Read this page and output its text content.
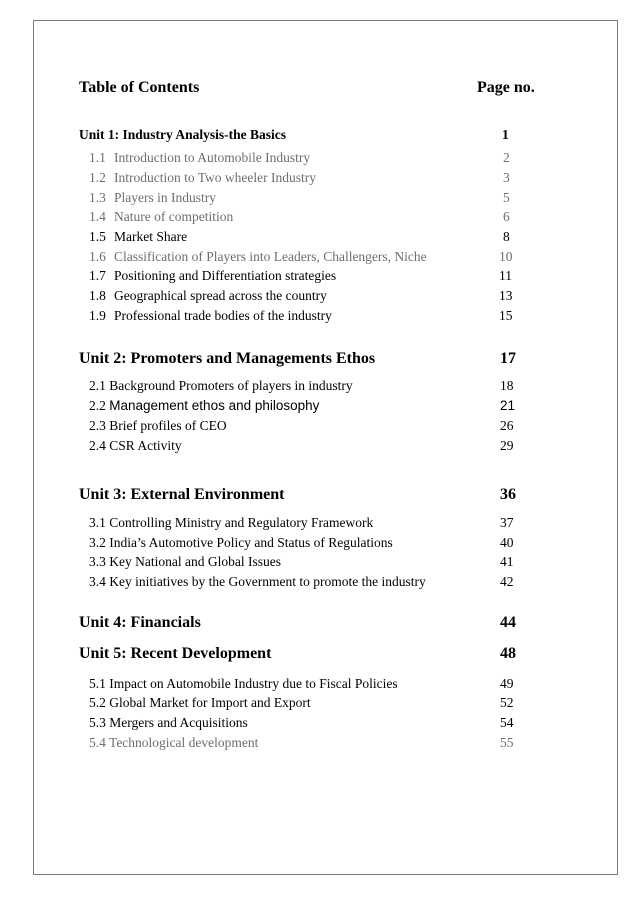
Table of Contents	Page no.
Unit 1: Industry Analysis-the Basics	1
1.1 Introduction to Automobile Industry	2
1.2 Introduction to Two wheeler Industry	3
1.3 Players in Industry	5
1.4 Nature of competition	6
1.5 Market Share	8
1.6 Classification of Players into Leaders, Challengers, Niche	10
1.7 Positioning and Differentiation strategies	11
1.8 Geographical spread across the country	13
1.9 Professional trade bodies of the industry	15
Unit 2: Promoters and Managements Ethos	17
2.1 Background Promoters of players in industry	18
2.2 Management ethos and philosophy	21
2.3 Brief profiles of CEO	26
2.4 CSR Activity	29
Unit 3: External Environment	36
3.1 Controlling Ministry and Regulatory Framework	37
3.2 India’s Automotive Policy and Status of Regulations	40
3.3 Key National and Global Issues	41
3.4 Key initiatives by the Government to promote the industry	42
Unit 4: Financials	44
Unit 5: Recent Development	48
5.1 Impact on Automobile Industry due to Fiscal Policies	49
5.2 Global Market for Import and Export	52
5.3 Mergers and Acquisitions	54
5.4 Technological development	55
